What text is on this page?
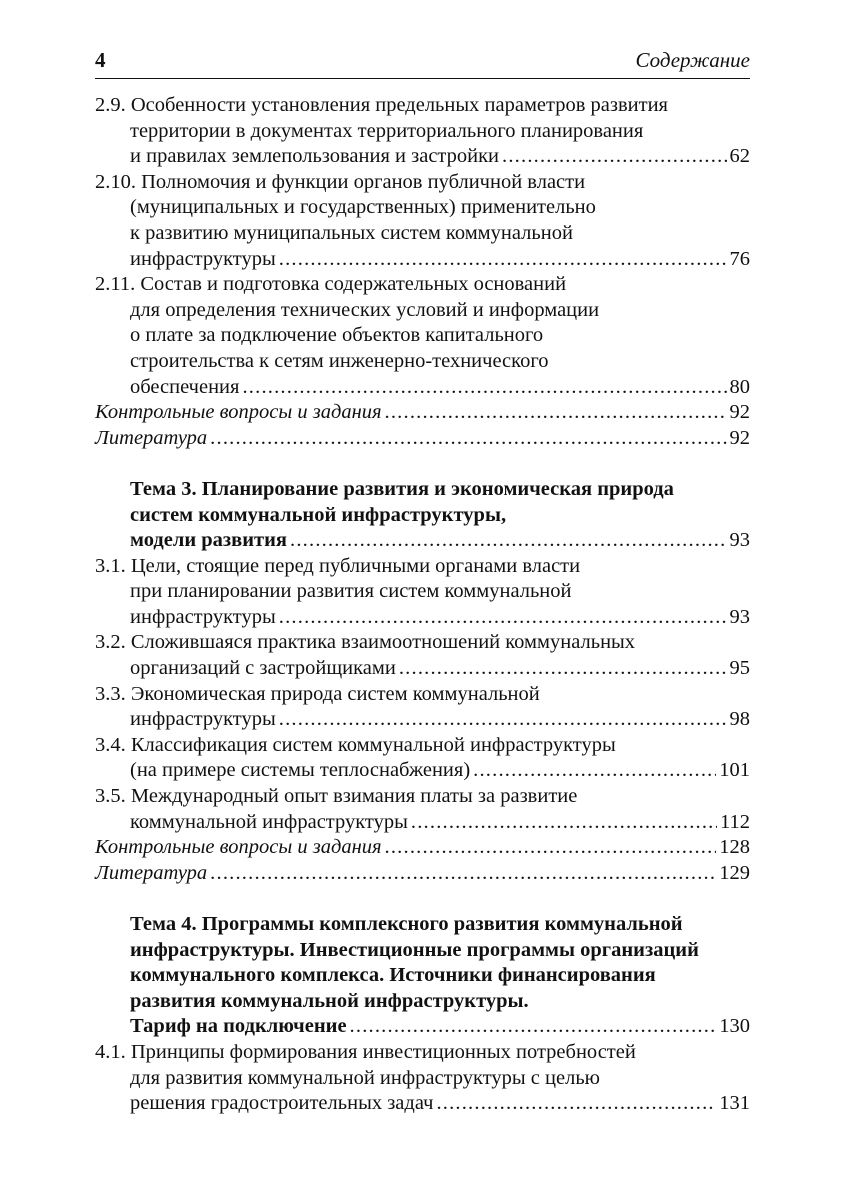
4	Содержание
2.9. Особенности установления предельных параметров развития
территории в документах территориального планирования
и правилах землепользования и застройки .....	62
2.10. Полномочия и функции органов публичной власти
(муниципальных и государственных) применительно
к развитию муниципальных систем коммунальной
инфраструктуры .....	76
2.11. Состав и подготовка содержательных оснований
для определения технических условий и информации
о плате за подключение объектов капитального
строительства к сетям инженерно-технического
обеспечения .....	80
Контрольные вопросы и задания .....	92
Литература .....	92
Тема 3. Планирование развития и экономическая природа
систем коммунальной инфраструктуры,
модели развития .....	93
3.1. Цели, стоящие перед публичными органами власти
при планировании развития систем коммунальной
инфраструктуры .....	93
3.2. Сложившаяся практика взаимоотношений коммунальных
организаций с застройщиками .....	95
3.3. Экономическая природа систем коммунальной
инфраструктуры .....	98
3.4. Классификация систем коммунальной инфраструктуры
(на примере системы теплоснабжения) .....	101
3.5. Международный опыт взимания платы за развитие
коммунальной инфраструктуры .....	112
Контрольные вопросы и задания .....	128
Литература .....	129
Тема 4. Программы комплексного развития коммунальной
инфраструктуры. Инвестиционные программы организаций
коммунального комплекса. Источники финансирования
развития коммунальной инфраструктуры.
Тариф на подключение .....	130
4.1. Принципы формирования инвестиционных потребностей
для развития коммунальной инфраструктуры с целью
решения градостроительных задач .....	131
